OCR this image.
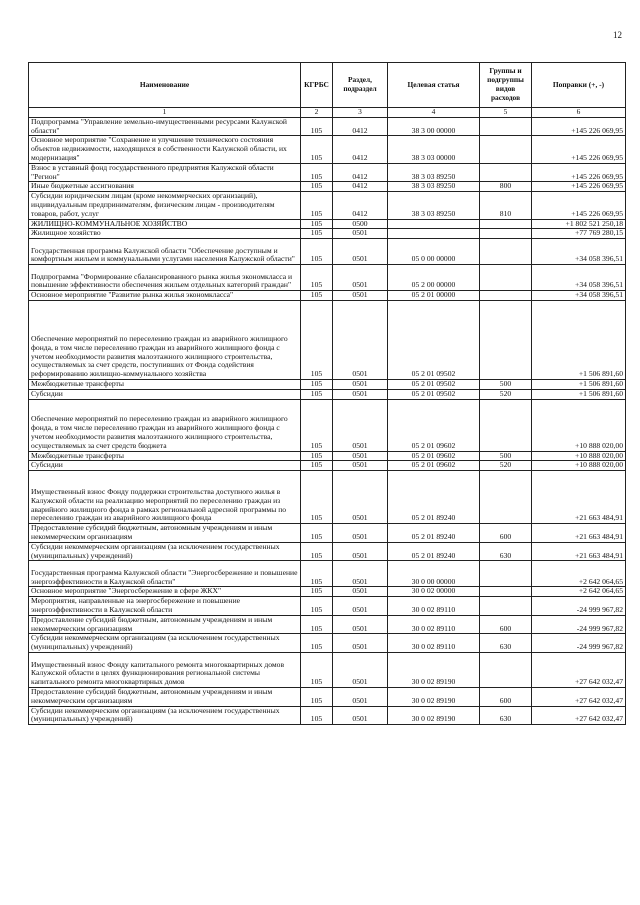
12
Наименование	КГРБС	Раздел, подраздел	Целевая статья	Группы и подгруппы видов расходов	Поправки (+, -)
1	2	3	4	5	6
Подпрограмма "Управление земельно-имущественными ресурсами Калужской области"	105	0412	38 3 00 00000		+145 226 069,95
Основное мероприятие "Сохранение и улучшение технического состояния объектов недвижимости, находящихся в собственности Калужской области, их модернизация"	105	0412	38 3 03 00000		+145 226 069,95
Взнос в уставный фонд государственного предприятия Калужской области "Регион"	105	0412	38 3 03 89250		+145 226 069,95
Иные бюджетные ассигнования	105	0412	38 3 03 89250	800	+145 226 069,95
Субсидии юридическим лицам (кроме некоммерческих организаций), индивидуальным предпринимателям, физическим лицам - производителям товаров, работ, услуг	105	0412	38 3 03 89250	810	+145 226 069,95
ЖИЛИЩНО-КОММУНАЛЬНОЕ ХОЗЯЙСТВО	105	0500			+1 802 521 250,18
Жилищное хозяйство	105	0501			+77 769 280,15
Государственная программа Калужской области "Обеспечение доступным и комфортным жильем и коммунальными услугами населения Калужской области"	105	0501	05 0 00 00000		+34 058 396,51
Подпрограмма "Формирование сбалансированного рынка жилья экономкласса и повышение эффективности обеспечения жильем отдельных категорий граждан"	105	0501	05 2 00 00000		+34 058 396,51
Основное мероприятие "Развитие рынка жилья экономкласса"	105	0501	05 2 01 00000		+34 058 396,51
Обеспечение мероприятий по переселению граждан из аварийного жилищного фонда, в том числе переселению граждан из аварийного жилищного фонда с учетом необходимости развития малоэтажного жилищного строительства, осуществляемых за счет средств, поступивших от Фонда содействия реформированию жилищно-коммунального хозяйства	105	0501	05 2 01 09502		+1 506 891,60
Межбюджетные трансферты	105	0501	05 2 01 09502	500	+1 506 891,60
Субсидии	105	0501	05 2 01 09502	520	+1 506 891,60
Обеспечение мероприятий по переселению граждан из аварийного жилищного фонда, в том числе переселению граждан из аварийного жилищного фонда с учетом необходимости развития малоэтажного жилищного строительства, осуществляемых за счет средств бюджета	105	0501	05 2 01 09602		+10 888 020,00
Межбюджетные трансферты	105	0501	05 2 01 09602	500	+10 888 020,00
Субсидии	105	0501	05 2 01 09602	520	+10 888 020,00
Имущественный взнос Фонду поддержки строительства доступного жилья в Калужской области на реализацию мероприятий по переселению граждан из аварийного жилищного фонда в рамках региональной адресной программы по переселению граждан из аварийного жилищного фонда	105	0501	05 2 01 89240		+21 663 484,91
Предоставление субсидий бюджетным, автономным учреждениям и иным некоммерческим организациям	105	0501	05 2 01 89240	600	+21 663 484,91
Субсидии некоммерческим организациям (за исключением государственных (муниципальных) учреждений)	105	0501	05 2 01 89240	630	+21 663 484,91
Государственная программа Калужской области "Энергосбережение и повышение энергоэффективности в Калужской области"	105	0501	30 0 00 00000		+2 642 064,65
Основное мероприятие "Энергосбережение в сфере ЖКХ"	105	0501	30 0 02 00000		+2 642 064,65
Мероприятия, направленные на энергосбережение и повышение энергоэффективности в Калужской области	105	0501	30 0 02 89110		-24 999 967,82
Предоставление субсидий бюджетным, автономным учреждениям и иным некоммерческим организациям	105	0501	30 0 02 89110	600	-24 999 967,82
Субсидии некоммерческим организациям (за исключением государственных (муниципальных) учреждений)	105	0501	30 0 02 89110	630	-24 999 967,82
Имущественный взнос Фонду капитального ремонта многоквартирных домов Калужской области в целях функционирования региональной системы капитального ремонта многоквартирных домов	105	0501	30 0 02 89190		+27 642 032,47
Предоставление субсидий бюджетным, автономным учреждениям и иным некоммерческим организациям	105	0501	30 0 02 89190	600	+27 642 032,47
Субсидии некоммерческим организациям (за исключением государственных (муниципальных) учреждений)	105	0501	30 0 02 89190	630	+27 642 032,47
